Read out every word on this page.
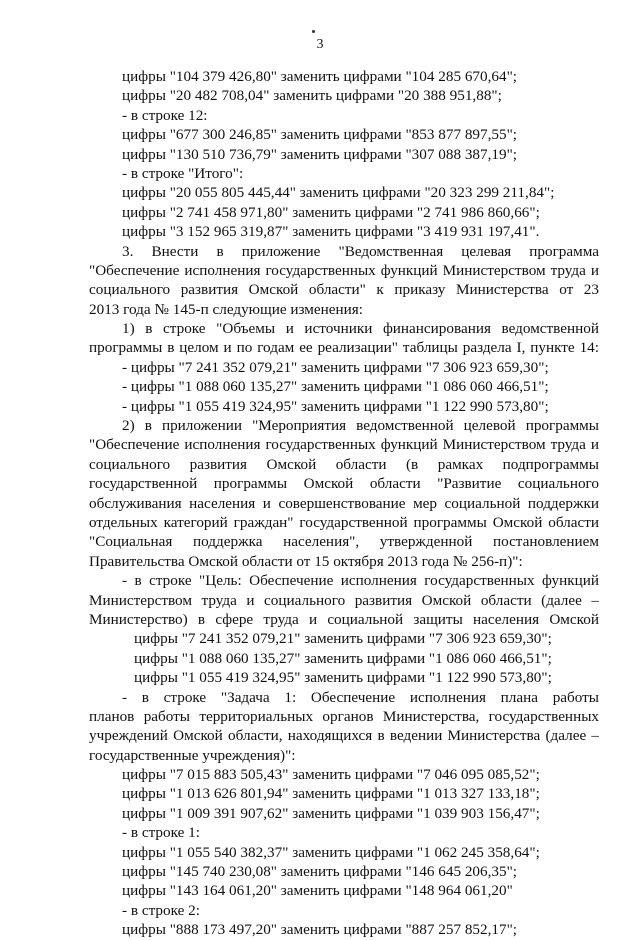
3
цифры "104 379 426,80" заменить цифрами "104 285 670,64";
цифры "20 482 708,04" заменить цифрами "20 388 951,88";
- в строке 12:
цифры "677 300 246,85" заменить цифрами "853 877 897,55";
цифры "130 510 736,79" заменить цифрами "307 088 387,19";
- в строке "Итого":
цифры "20 055 805 445,44" заменить цифрами "20 323 299 211,84";
цифры "2 741 458 971,80" заменить цифрами "2 741 986 860,66";
цифры "3 152 965 319,87" заменить цифрами "3 419 931 197,41".
3. Внести в приложение "Ведомственная целевая программа
"Обеспечение исполнения государственных функций Министерством труда и
социального развития Омской области" к приказу Министерства от 23
2013 года № 145-п следующие изменения:
1) в строке "Объемы и источники финансирования ведомственной
программы в целом и по годам ее реализации" таблицы раздела I, пункте 14:
- цифры "7 241 352 079,21" заменить цифрами "7 306 923 659,30";
- цифры "1 088 060 135,27" заменить цифрами "1 086 060 466,51";
- цифры "1 055 419 324,95" заменить цифрами "1 122 990 573,80";
2) в приложении "Мероприятия ведомственной целевой программы
"Обеспечение исполнения государственных функций Министерством труда и
социального развития Омской области (в рамках подпрограммы
государственной программы Омской области "Развитие социального
обслуживания населения и совершенствование мер социальной поддержки
отдельных категорий граждан" государственной программы Омской области
"Социальная поддержка населения", утвержденной постановлением
Правительства Омской области от 15 октября 2013 года № 256-п)":
- в строке "Цель: Обеспечение исполнения государственных функций
Министерством труда и социального развития Омской области (далее –
Министерство) в сфере труда и социальной защиты населения Омской
цифры "7 241 352 079,21" заменить цифрами "7 306 923 659,30";
цифры "1 088 060 135,27" заменить цифрами "1 086 060 466,51";
цифры "1 055 419 324,95" заменить цифрами "1 122 990 573,80";
- в строке "Задача 1: Обеспечение исполнения плана работы
планов работы территориальных органов Министерства, государственных
учреждений Омской области, находящихся в ведении Министерства (далее –
государственные учреждения)":
цифры "7 015 883 505,43" заменить цифрами "7 046 095 085,52";
цифры "1 013 626 801,94" заменить цифрами "1 013 327 133,18";
цифры "1 009 391 907,62" заменить цифрами "1 039 903 156,47";
- в строке 1:
цифры "1 055 540 382,37" заменить цифрами "1 062 245 358,64";
цифры "145 740 230,08" заменить цифрами "146 645 206,35";
цифры "143 164 061,20" заменить цифрами "148 964 061,20"
- в строке 2:
цифры "888 173 497,20" заменить цифрами "887 257 852,17";
